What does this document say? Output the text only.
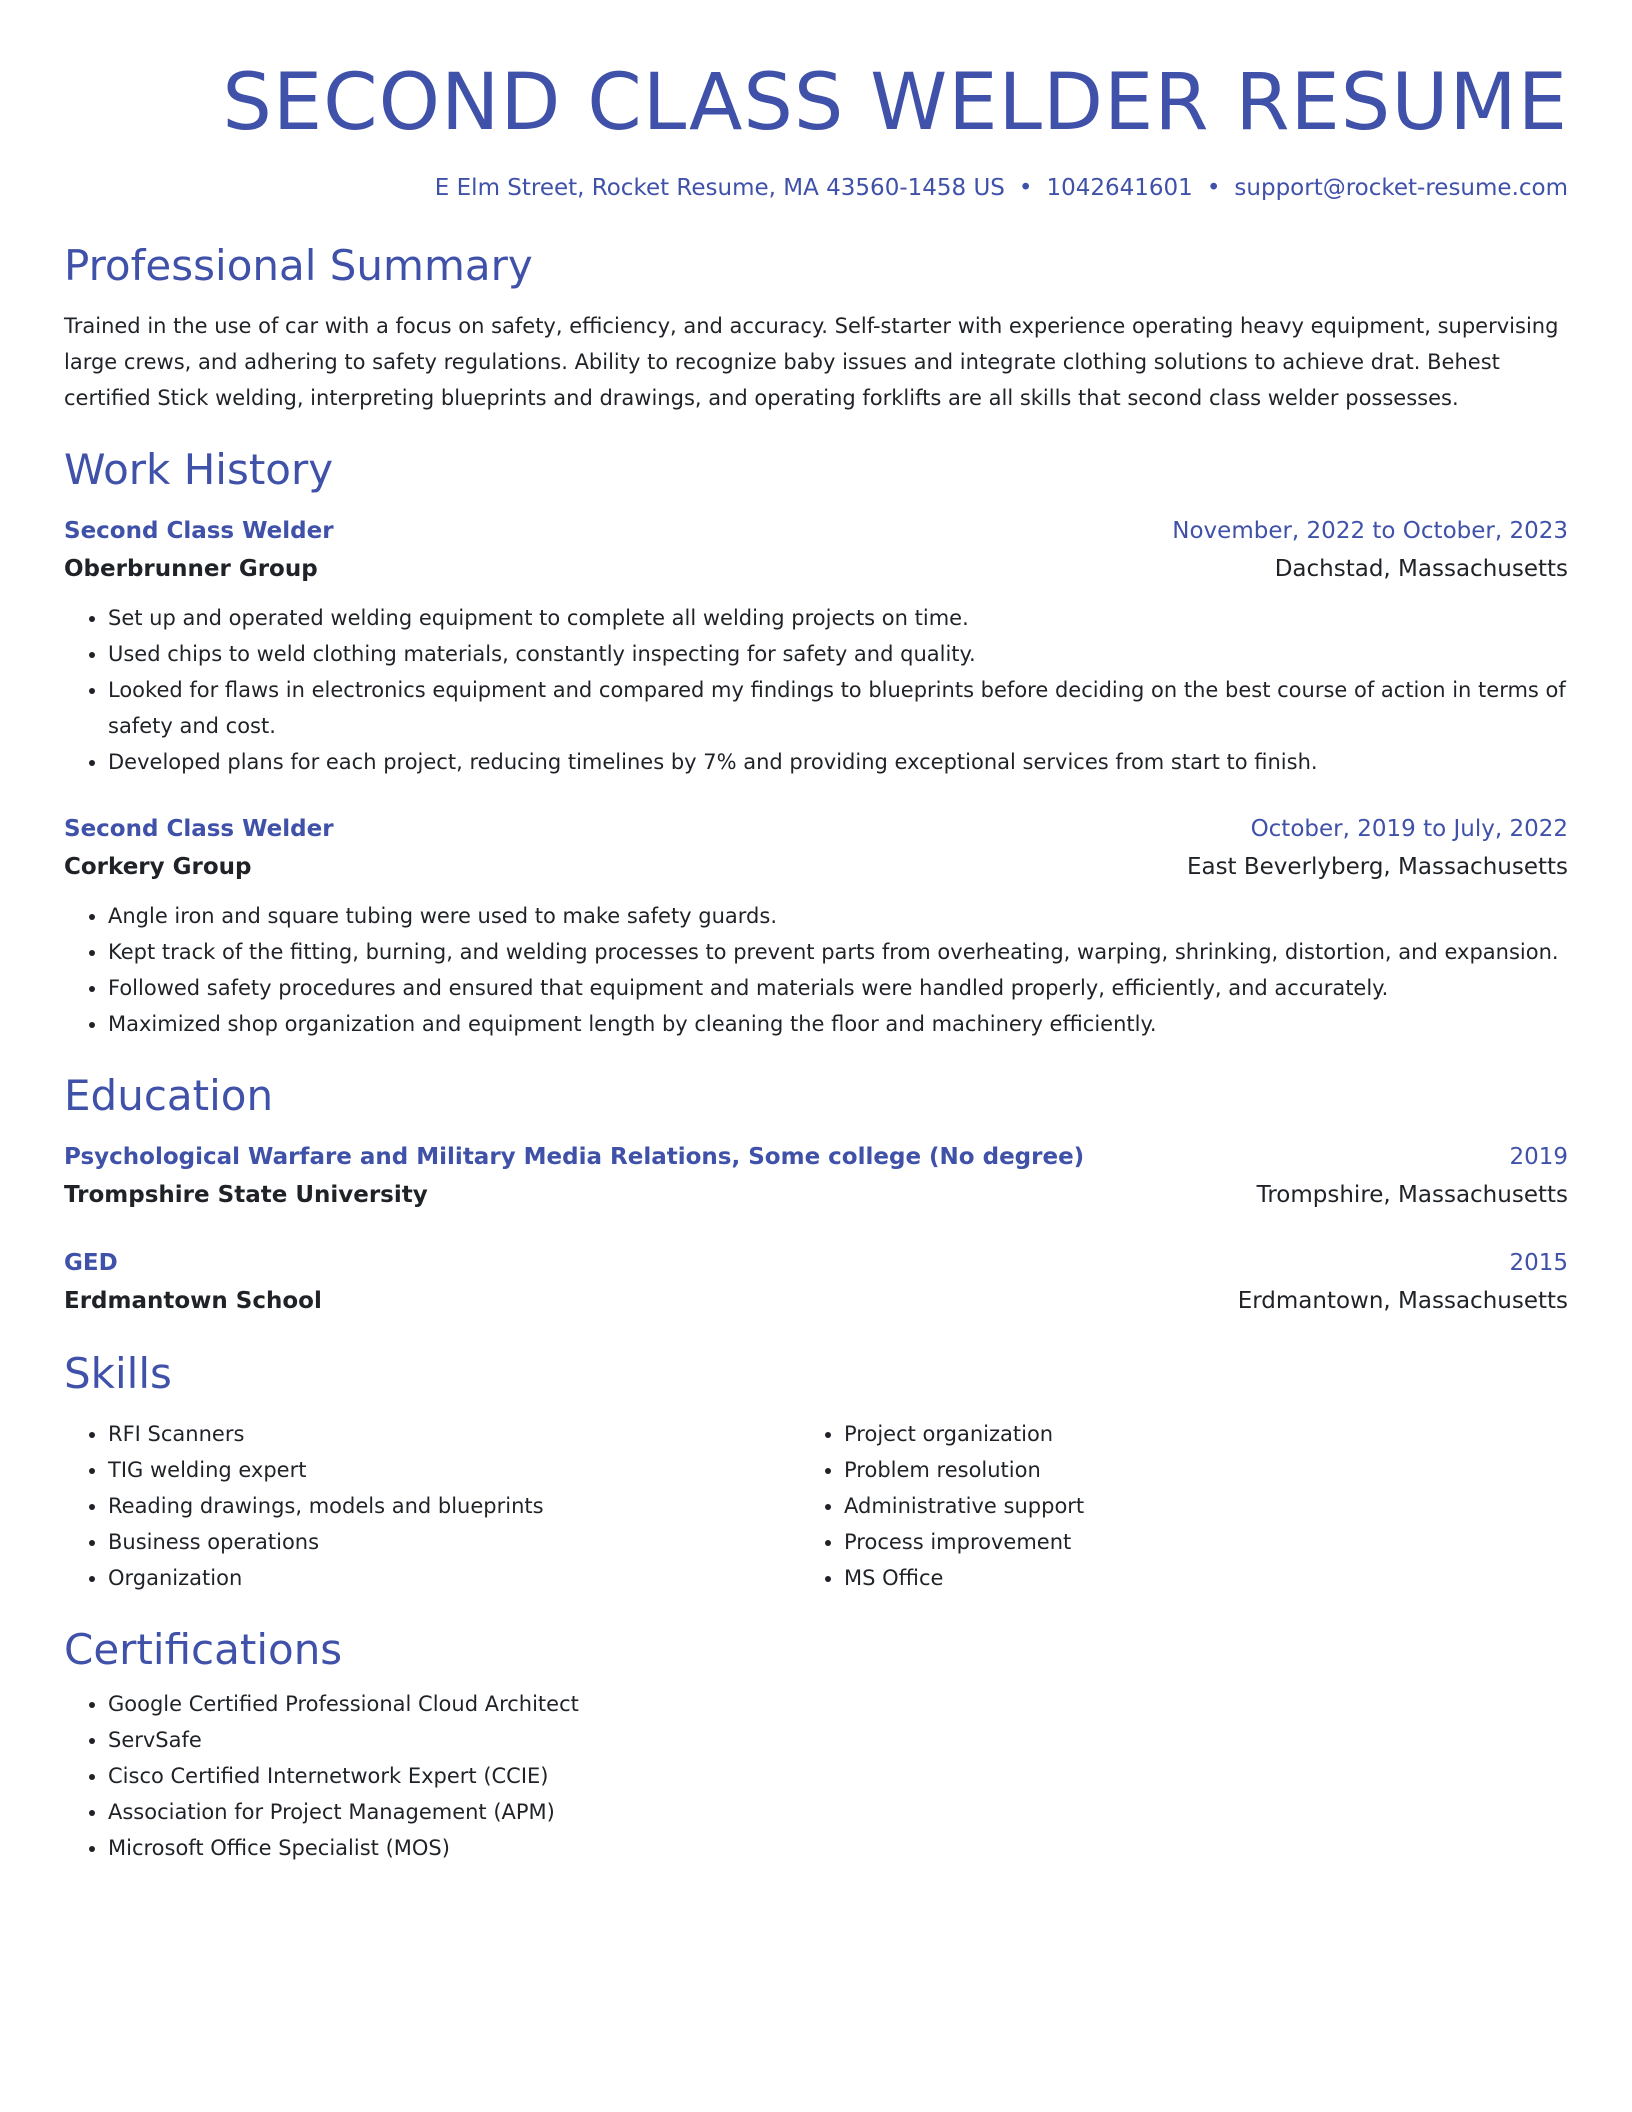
SECOND CLASS WELDER RESUME
E Elm Street, Rocket Resume, MA 43560-1458 US • 1042641601 • support@rocket-resume.com
Professional Summary

Trained in the use of car with a focus on safety, efficiency, and accuracy. Self-starter with experience operating heavy equipment, supervising large crews, and adhering to safety regulations. Ability to recognize baby issues and integrate clothing solutions to achieve drat. Behest certified Stick welding, interpreting blueprints and drawings, and operating forklifts are all skills that second class welder possesses.

Work History
Second Class Welder	November, 2022 to October, 2023
Oberbrunner Group	Dachstad, Massachusetts
• Set up and operated welding equipment to complete all welding projects on time.
• Used chips to weld clothing materials, constantly inspecting for safety and quality.
• Looked for flaws in electronics equipment and compared my findings to blueprints before deciding on the best course of action in terms of safety and cost.
• Developed plans for each project, reducing timelines by 7% and providing exceptional services from start to finish.
Second Class Welder	October, 2019 to July, 2022
Corkery Group	East Beverlyberg, Massachusetts
• Angle iron and square tubing were used to make safety guards.
• Kept track of the fitting, burning, and welding processes to prevent parts from overheating, warping, shrinking, distortion, and expansion.
• Followed safety procedures and ensured that equipment and materials were handled properly, efficiently, and accurately.
• Maximized shop organization and equipment length by cleaning the floor and machinery efficiently.
Education
Psychological Warfare and Military Media Relations, Some college (No degree)	2019
Trompshire State University	Trompshire, Massachusetts
GED	2015
Erdmantown School	Erdmantown, Massachusetts
Skills
• RFI Scanners
• TIG welding expert
• Reading drawings, models and blueprints
• Business operations
• Organization
• Project organization
• Problem resolution
• Administrative support
• Process improvement
• MS Office
Certifications
• Google Certified Professional Cloud Architect
• ServSafe
• Cisco Certified Internetwork Expert (CCIE)
• Association for Project Management (APM)
• Microsoft Office Specialist (MOS)
